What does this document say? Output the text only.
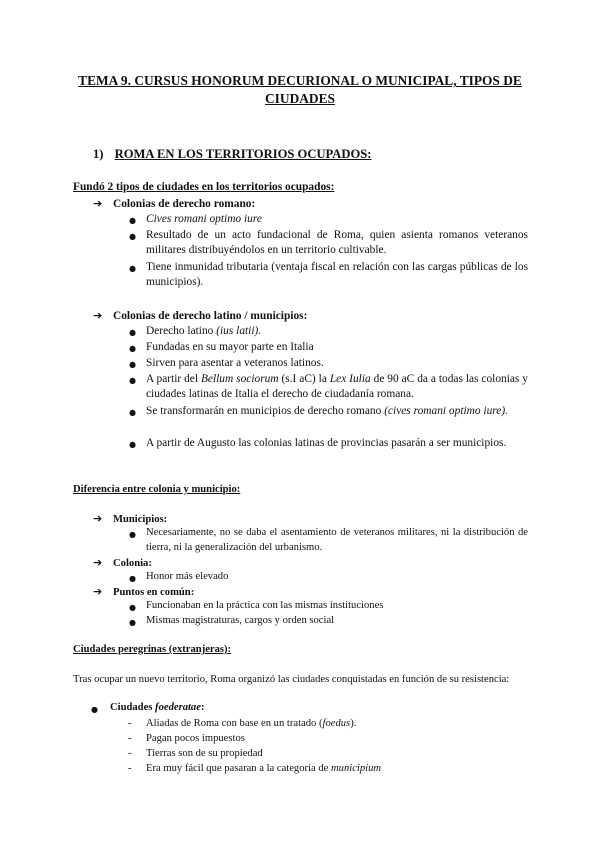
TEMA 9. CURSUS HONORUM DECURIONAL O MUNICIPAL, TIPOS DE CIUDADES
1) ROMA EN LOS TERRITORIOS OCUPADOS:
Fundó 2 tipos de ciudades en los territorios ocupados:
➔ Colonias de derecho romano:
● Cives romani optimo iure
● Resultado de un acto fundacional de Roma, quien asienta romanos veteranos militares distribuyéndolos en un territorio cultivable.
● Tiene inmunidad tributaria (ventaja fiscal en relación con las cargas públicas de los municipios).
➔ Colonias de derecho latino / municipios:
● Derecho latino (ius latii).
● Fundadas en su mayor parte en Italia
● Sirven para asentar a veteranos latinos.
● A partir del Bellum sociorum (s.I aC) la Lex Iulia de 90 aC da a todas las colonias y ciudades latinas de Italia el derecho de ciudadanía romana.
● Se transformarán en municipios de derecho romano (cives romani optimo iure).
● A partir de Augusto las colonias latinas de provincias pasarán a ser municipios.
Diferencia entre colonia y municipio:
➔ Municipios:
● Necesariamente, no se daba el asentamiento de veteranos militares, ni la distribución de tierra, ni la generalización del urbanismo.
➔ Colonia:
● Honor más elevado
➔ Puntos en común:
● Funcionaban en la práctica con las mismas instituciones
● Mismas magistraturas, cargos y orden social
Ciudades peregrinas (extranjeras):
Tras ocupar un nuevo territorio, Roma organizó las ciudades conquistadas en función de su resistencia:
● Ciudades foederatae:
- Aliadas de Roma con base en un tratado (foedus).
- Pagan pocos impuestos
- Tierras son de su propiedad
- Era muy fácil que pasaran a la categoría de municipium
